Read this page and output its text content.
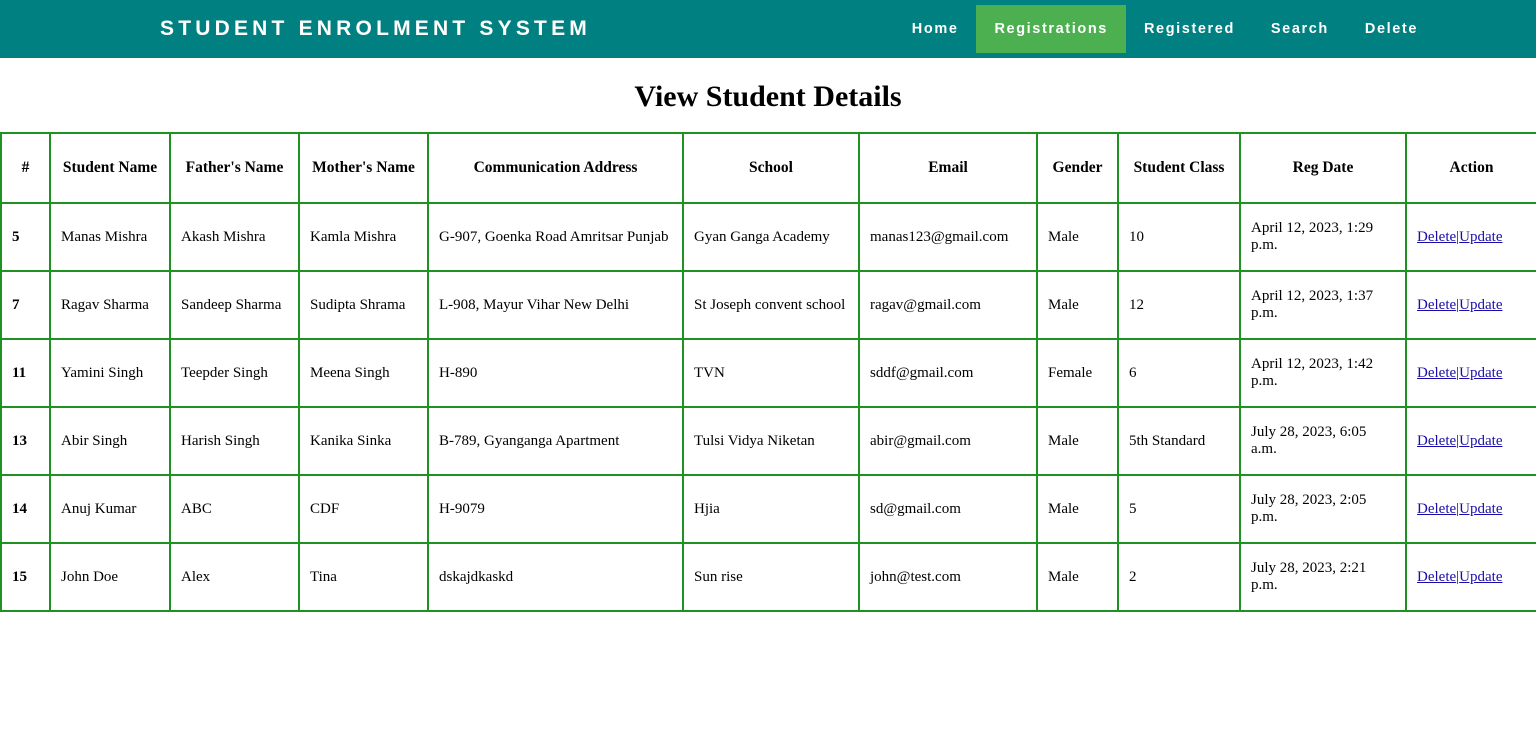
STUDENT ENROLMENT SYSTEM	Home	Registrations	Registered	Search	Delete
View Student Details
#	Student Name	Father's Name	Mother's Name	Communication Address	School	Email	Gender	Student Class	Reg Date	Action
5	Manas Mishra	Akash Mishra	Kamla Mishra	G-907, Goenka Road Amritsar Punjab	Gyan Ganga Academy	manas123@gmail.com	Male	10	April 12, 2023, 1:29 p.m.	Delete|Update
7	Ragav Sharma	Sandeep Sharma	Sudipta Shrama	L-908, Mayur Vihar New Delhi	St Joseph convent school	ragav@gmail.com	Male	12	April 12, 2023, 1:37 p.m.	Delete|Update
11	Yamini Singh	Teepder Singh	Meena Singh	H-890	TVN	sddf@gmail.com	Female	6	April 12, 2023, 1:42 p.m.	Delete|Update
13	Abir Singh	Harish Singh	Kanika Sinka	B-789, Gyanganga Apartment	Tulsi Vidya Niketan	abir@gmail.com	Male	5th Standard	July 28, 2023, 6:05 a.m.	Delete|Update
14	Anuj Kumar	ABC	CDF	H-9079	Hjia	sd@gmail.com	Male	5	July 28, 2023, 2:05 p.m.	Delete|Update
15	John Doe	Alex	Tina	dskajdkaskd	Sun rise	john@test.com	Male	2	July 28, 2023, 2:21 p.m.	Delete|Update
